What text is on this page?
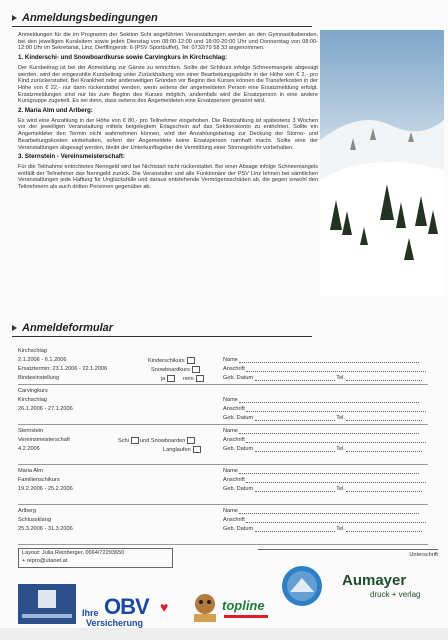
Anmeldungsbedingungen

Anmeldungen für die im Programm der Sektion Schi angeführten Veranstaltungen werden an den Gymnastikabenden, bei den jeweiligen Kursleitern sowie jeden Dienstag von 08:00-12:00 und 18:00-20:00 Uhr und Donnerstag von 08:00-12:00 Uhr im Sekretariat, Linz, Derfflingerstr. 6 (PSV Sportbuffet), Tel: 0732/79 58 33 angenommen.

1. Kinderschi- und Snowboardkurse sowie Carvingkurs in Kirchschlag:

Der Kursbeitrag ist bei der Anmeldung zur Gänze zu entrichten. Sollte der Schikurs infolge Schneemangels abgesagt werden, wird der eingezahlte Kursbeitrag unter Zurückhaltung von einer Bearbeitungsgebühr in der Höhe von € 2,- pro Kind zurückerstattet. Bei Krankheit oder anderweitigen Gründen vor Beginn des Kurses können die Transferkosten in der Höhe von € 22,- nur dann rückerstattet werden, wenn seitens der angemeldeten Person eine Ersatzmeldung erfolgt. Ersatzmeldungen sind nur bis zum Beginn des Kurses möglich, andernfalls wird die Ersatzperson in eine andere Kursgruppe zugeteilt. Es sei denn, dass seitens des Angemeldeten eine Ersatzperson genannt wird.

2. Maria Alm und Arlberg:

Es wird eine Anzahlung in der Höhe von € 80,- pro Teilnehmer eingehoben. Die Restzahlung ist spätestens 3 Wochen vor der jeweiligen Veranstaltung mittels beigelegtem Erlagschein auf das Sektionskonto zu entrichten. Sollte ein Angemeldeter den Termin nicht wahrnehmen können, wird der Anzahlungsbetrag zur Deckung der Storno- und Bearbeitungskosten einbehalten, sofern der Angemeldete keine Ersatzperson namhaft macht. Sollte eine der Veranstaltungen abgesagt werden, bleibt der Unterkunftsgeber die Vermittlung einer Stornogebühr vorbehalten.

3. Sternstein - Vereinsmeisterschaft:

Für die Teilnahme entrichtetes Nenngeld wird bei Nichtstart nicht rückerstattet. Bei einer Absage infolge Schneemangels entfällt der Teilnehmer das Nenngeld zurück. Die Veranstalter und alle Funktionäre der PSV Linz lehnen bei sämtlichen Veranstaltungen jede Haftung für Unglücksfälle und daraus entstehende Vermögensschäden ab, die gegen sowohl den Teilnehmern als auch dritten Personen gegenüber ab.

Anmeldeformular
Kirchschlag
2.1.2006 - 6.1.2006
Ersatztermin: 23.1.2006 - 22.1.2006
Bindeeinstellung
Kinderschikurs
Snowboardkurs
ja	nein
Name
Anschrift
Geb. Datum	Tel.
Carvingkurs
Kirchschlag
26.1.2006 - 27.1.2006
Name
Anschrift
Geb. Datum	Tel.
Sternstein
Vereinsmeisterschaft
4.2.2006
Schi	und Snowboarden
Langlaufen
Name
Anschrift
Geb. Datum	Tel.
Maria Alm
Familienschikurs
19.2.2006 - 25.2.2006
Name
Anschrift
Geb. Datum	Tel.
Arlberg
Schlussklang
25.3.2006 - 31.3.2006
Name
Anschrift
Geb. Datum	Tel.
Layout: Julia Reinberger, 0664/72293650
+ repro@utanet.at
Unterschrift
Ihre OBV ♥
Versicherung
topline
Aumayer
druck + verlag
